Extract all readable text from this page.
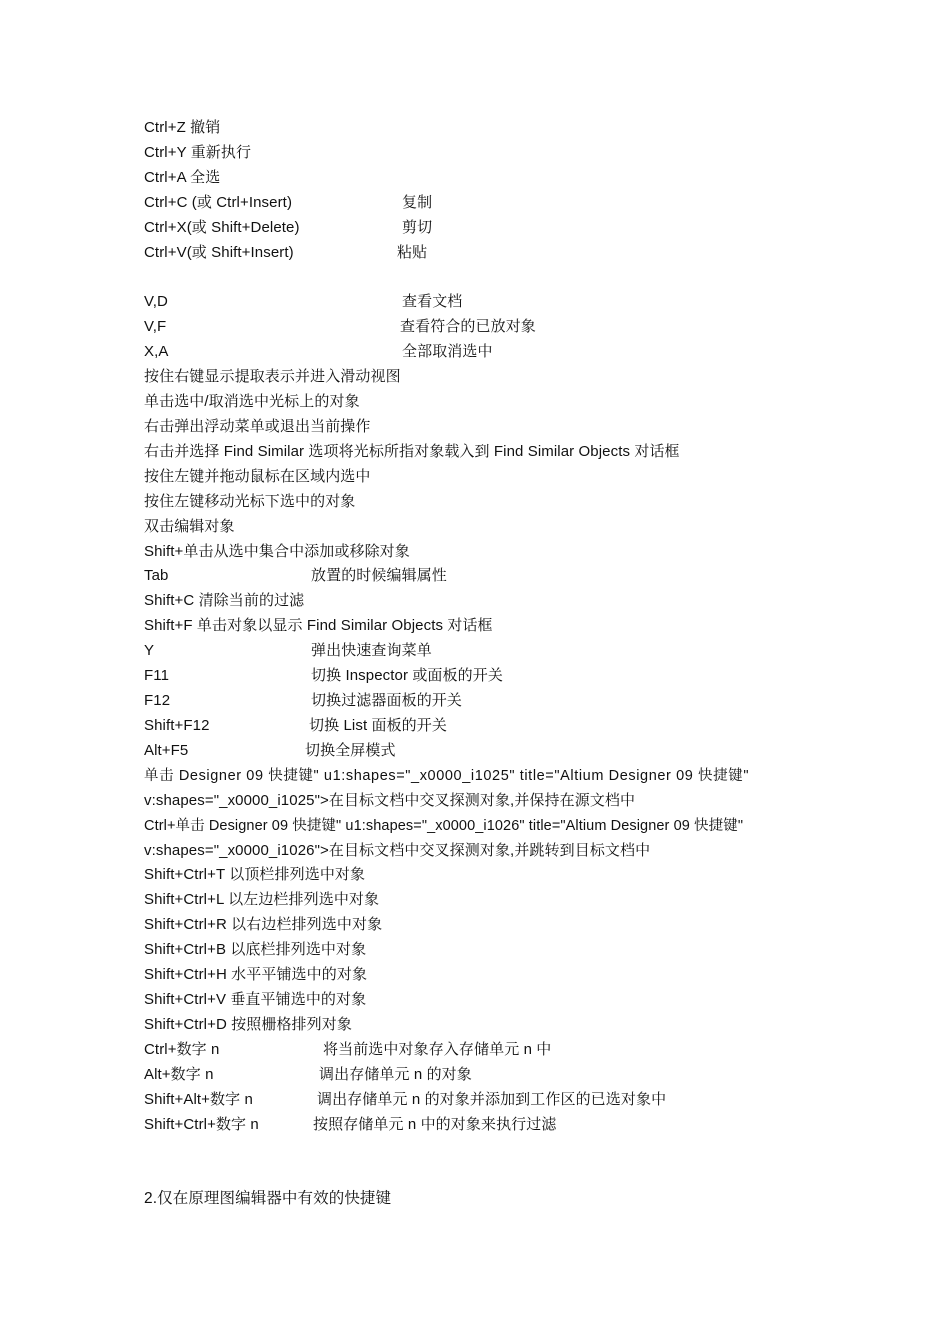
Ctrl+Z 撤销
Ctrl+Y 重新执行
Ctrl+A 全选
Ctrl+C (或 Ctrl+Insert)	复制
Ctrl+X(或 Shift+Delete)	剪切
Ctrl+V(或 Shift+Insert)	粘贴
V,D	查看文档
V,F	查看符合的已放对象
X,A	全部取消选中
按住右键显示提取表示并进入滑动视图
单击选中/取消选中光标上的对象
右击弹出浮动菜单或退出当前操作
右击并选择 Find Similar 选项将光标所指对象载入到 Find Similar Objects 对话框
按住左键并拖动鼠标在区域内选中
按住左键移动光标下选中的对象
双击编辑对象
Shift+单击从选中集合中添加或移除对象
Tab	放置的时候编辑属性
Shift+C 清除当前的过滤
Shift+F 单击对象以显示 Find Similar Objects 对话框
Y	弹出快速查询菜单
F11	切换 Inspector 或面板的开关
F12	切换过滤器面板的开关
Shift+F12	切换 List 面板的开关
Alt+F5	切换全屏模式
单击 Designer 09 快捷键" u1:shapes="_x0000_i1025" title="Altium Designer 09 快捷键"
v:shapes="_x0000_i1025">在目标文档中交叉探测对象,并保持在源文档中
Ctrl+单击 Designer 09 快捷键" u1:shapes="_x0000_i1026" title="Altium Designer 09 快捷键"
v:shapes="_x0000_i1026">在目标文档中交叉探测对象,并跳转到目标文档中
Shift+Ctrl+T 以顶栏排列选中对象
Shift+Ctrl+L 以左边栏排列选中对象
Shift+Ctrl+R 以右边栏排列选中对象
Shift+Ctrl+B 以底栏排列选中对象
Shift+Ctrl+H 水平平铺选中的对象
Shift+Ctrl+V 垂直平铺选中的对象
Shift+Ctrl+D 按照栅格排列对象
Ctrl+数字 n	将当前选中对象存入存储单元 n 中
Alt+数字 n	调出存储单元 n 的对象
Shift+Alt+数字 n	调出存储单元 n 的对象并添加到工作区的已选对象中
Shift+Ctrl+数字 n	按照存储单元 n 中的对象来执行过滤
2.仅在原理图编辑器中有效的快捷键
